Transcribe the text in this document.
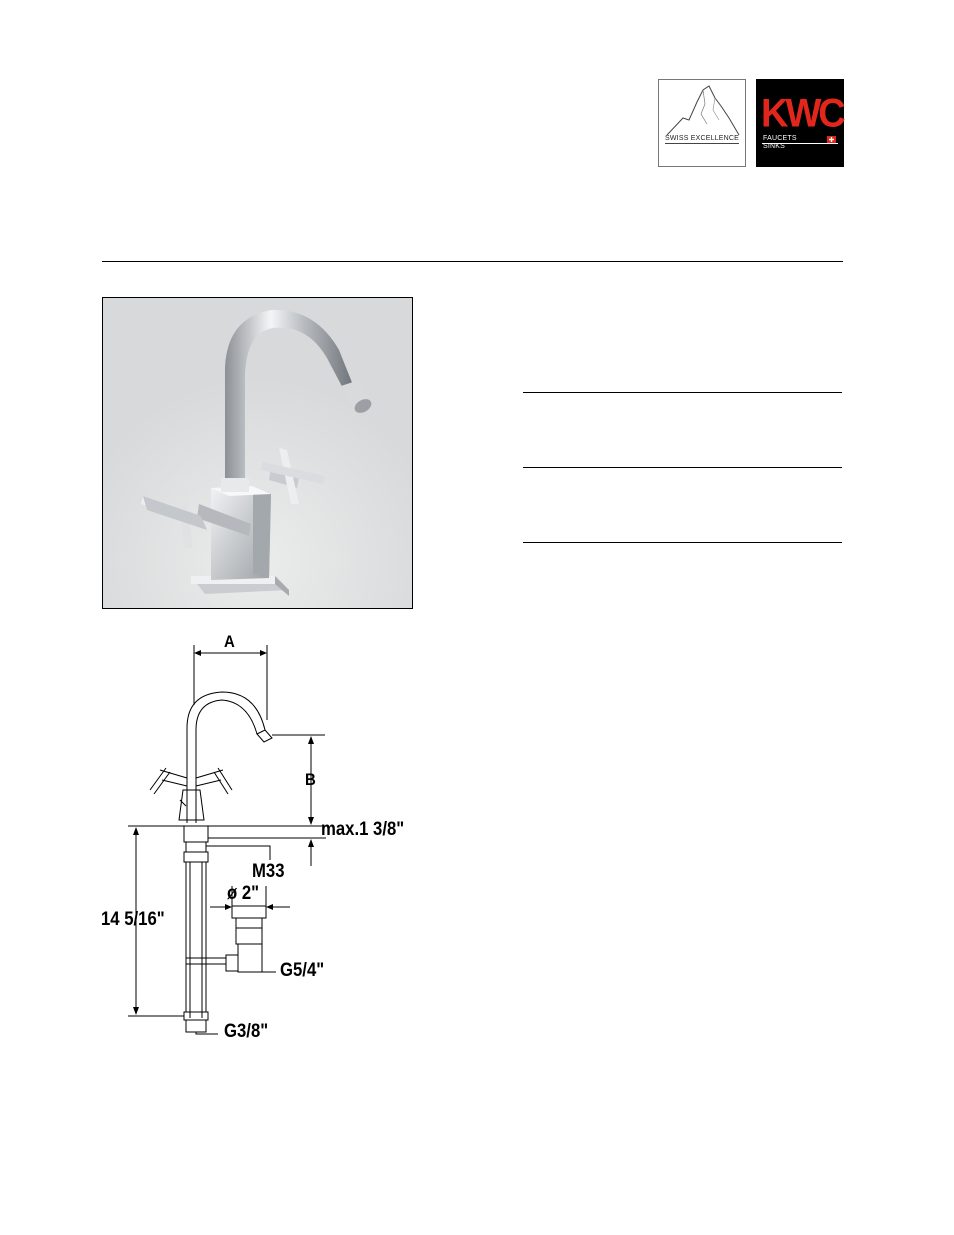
SWISS EXCELLENCE
KWC
FAUCETS
SINKS
A
B
max.1 3/8"
M33
ø 2"
14 5/16"
G5/4"
G3/8"
